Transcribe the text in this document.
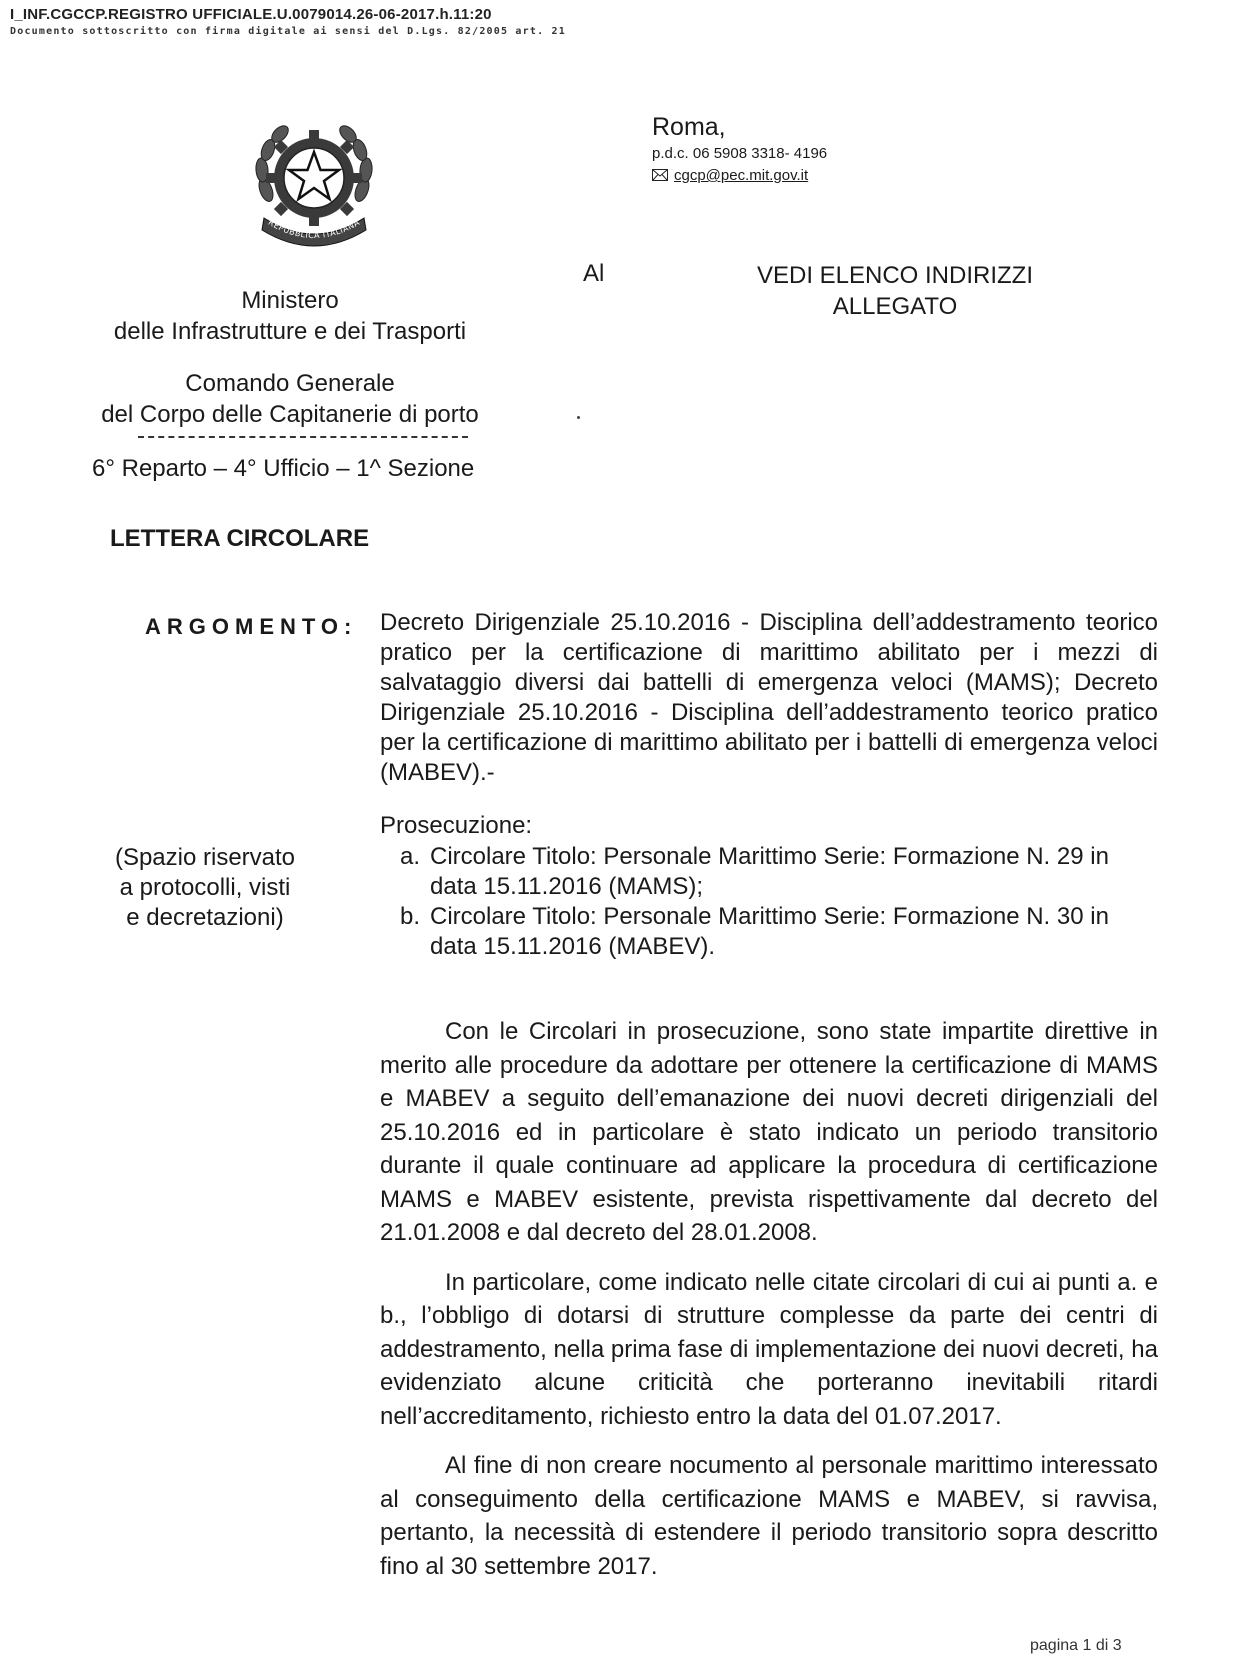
I_INF.CGCCP.REGISTRO UFFICIALE.U.0079014.26-06-2017.h.11:20
Documento sottoscritto con firma digitale ai sensi del D.Lgs. 82/2005 art. 21
REPUBBLICA ITALIANA
Roma,
p.d.c. 06 5908 3318- 4196
cgcp@pec.mit.gov.it
Ministero
delle Infrastrutture e dei Trasporti
Comando Generale
del Corpo delle Capitanerie di porto
6° Reparto – 4° Ufficio – 1^ Sezione
Al	VEDI ELENCO INDIRIZZI
ALLEGATO
LETTERA CIRCOLARE
ARGOMENTO: Decreto Dirigenziale 25.10.2016 - Disciplina dell’addestramento teorico pratico per la certificazione di marittimo abilitato per i mezzi di salvataggio diversi dai battelli di emergenza veloci (MAMS); Decreto Dirigenziale 25.10.2016 - Disciplina dell’addestramento teorico pratico per la certificazione di marittimo abilitato per i battelli di emergenza veloci (MABEV).-
(Spazio riservato
a protocolli, visti
e decretazioni)
Prosecuzione:
a. Circolare Titolo: Personale Marittimo Serie: Formazione N. 29 in data 15.11.2016 (MAMS);
b. Circolare Titolo: Personale Marittimo Serie: Formazione N. 30 in data 15.11.2016 (MABEV).

Con le Circolari in prosecuzione, sono state impartite direttive in merito alle procedure da adottare per ottenere la certificazione di MAMS e MABEV a seguito dell’emanazione dei nuovi decreti dirigenziali del 25.10.2016 ed in particolare è stato indicato un periodo transitorio durante il quale continuare ad applicare la procedura di certificazione MAMS e MABEV esistente, prevista rispettivamente dal decreto del 21.01.2008 e dal decreto del 28.01.2008.

In particolare, come indicato nelle citate circolari di cui ai punti a. e b., l’obbligo di dotarsi di strutture complesse da parte dei centri di addestramento, nella prima fase di implementazione dei nuovi decreti, ha evidenziato alcune criticità che porteranno inevitabili ritardi nell’accreditamento, richiesto entro la data del 01.07.2017.

Al fine di non creare nocumento al personale marittimo interessato al conseguimento della certificazione MAMS e MABEV, si ravvisa, pertanto, la necessità di estendere il periodo transitorio sopra descritto fino al 30 settembre 2017.

pagina 1 di 3
